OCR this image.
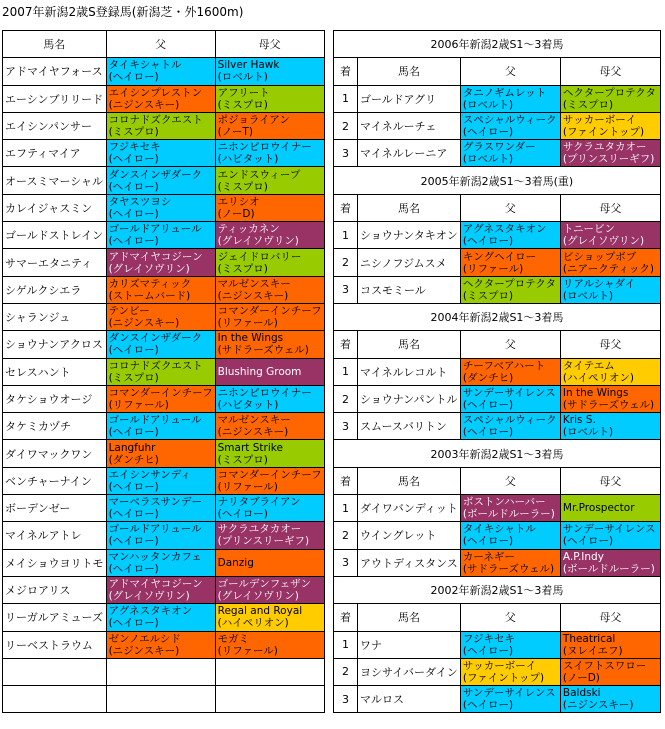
2007年新潟2歳S登録馬(新潟芝・外1600m)
馬名	父	母父
アドマイヤフォース	タイキシャトル
(ヘイロー)	Silver Hawk
(ロベルト)

エーシンブリリード	エイシンプレストン
(ニジンスキー)	アフリート
(ミスプロ)

エイシンパンサー	コロナドズクエスト
(ミスプロ)	ポジョライアン
(ノーT)

エフティマイア	フジキセキ
(ヘイロー)	ニホンピロウイナー
(ハビタット)

オースミマーシャル	ダンスインザダーク
(ヘイロー)	エンドスウィープ
(ミスプロ)

カレイジャスミン	タヤスツヨシ
(ヘイロー)	エリシオ
(ノーD)

ゴールドストレイン	ゴールドアリュール
(ヘイロー)	ティッカネン
(グレイソヴリン)

サマーエタニティ	アドマイヤコジーン
(グレイソヴリン)	ジェイドロバリー
(ミスプロ)

シゲルクシエラ	カリズマティック
(ストームバード)	マルゼンスキー
(ニジンスキー)

シャランジュ	テンビー
(ニジンスキー)	コマンダーインチーフ
(リファール)

ショウナンアクロス	ダンスインザダーク
(ヘイロー)	In the Wings
(サドラーズウェル)

セレスハント	コロナドズクエスト
(ミスプロ)	Blushing Groom

タケショウオージ	コマンダーインチーフ
(リファール)	ニホンピロウイナー
(ハビタット)

タケミカヅチ	ゴールドアリュール
(ヘイロー)	マルゼンスキー
(ニジンスキー)

ダイワマックワン	Langfuhr
(ダンチヒ)	Smart Strike
(ミスプロ)

ベンチャーナイン	エイシンサンディ
(ヘイロー)	コマンダーインチーフ
(リファール)

ボーデンゼー	マーベラスサンデー
(ヘイロー)	ナリタブライアン
(ヘイロー)

マイネルアトレ	ゴールドアリュール
(ヘイロー)	サクラユタカオー
(プリンスリーギフ)

メイショウヨリトモ	マンハッタンカフェ
(ヘイロー)	Danzig

メジロアリス	アドマイヤコジーン
(グレイソヴリン)	ゴールデンフェザン
(グレイソヴリン)

リーガルアミューズ	アグネスタキオン
(ヘイロー)	Regal and Royal
(ハイペリオン)

リーベストラウム	ゼンノエルシド
(ニジンスキー)	モガミ
(リファール)

2006年新潟2歳S1～3着馬			
着	馬名	父	母父
1	ゴールドアグリ	タニノギムレット
(ロベルト)	ヘクタープロテクタ
(ミスプロ)

2	マイネルーチェ	スペシャルウィーク
(ヘイロー)	サッカーボーイ
(ファイントップ)

3	マイネルレーニア	グラスワンダー
(ロベルト)	サクラユタカオー
(プリンスリーギフ)

2005年新潟2歳S1～3着馬(重)			
着	馬名	父	母父
1	ショウナンタキオン	アグネスタキオン
(ヘイロー)	トニービン
(グレイソヴリン)

2	ニシノフジムスメ	キングヘイロー
(リファール)	ビショップボブ
(ニアークティック)

3	コスモミール	ヘクタープロテクタ
(ミスプロ)	リアルシャダイ
(ロベルト)

2004年新潟2歳S1～3着馬			
着	馬名	父	母父
1	マイネルレコルト	チーフベアハート
(ダンチヒ)	タイテエム
(ハイペリオン)

2	ショウナンパントル	サンデーサイレンス
(ヘイロー)	In the Wings
(サドラーズウェル)

3	スムースバリトン	スペシャルウィーク
(ヘイロー)	Kris S.
(ロベルト)

2003年新潟2歳S1～3着馬			
着	馬名	父	母父
1	ダイワバンディット	ボストンハーバー
(ボールドルーラー)	Mr.Prospector

2	ウイングレット	タイキシャトル
(ヘイロー)	サンデーサイレンス
(ヘイロー)

3	アウトディスタンス	カーネギー
(サドラーズウェル)	A.P.Indy
(ボールドルーラー)

2002年新潟2歳S1～3着馬			
着	馬名	父	母父
1	ワナ	フジキセキ
(ヘイロー)	Theatrical
(ヌレイエフ)

2	ヨシサイバーダイン	サッカーボーイ
(ファイントップ)	スイフトスワロー
(ノーD)

3	マルロス	サンデーサイレンス
(ヘイロー)	Baldski
(ニジンスキー)
